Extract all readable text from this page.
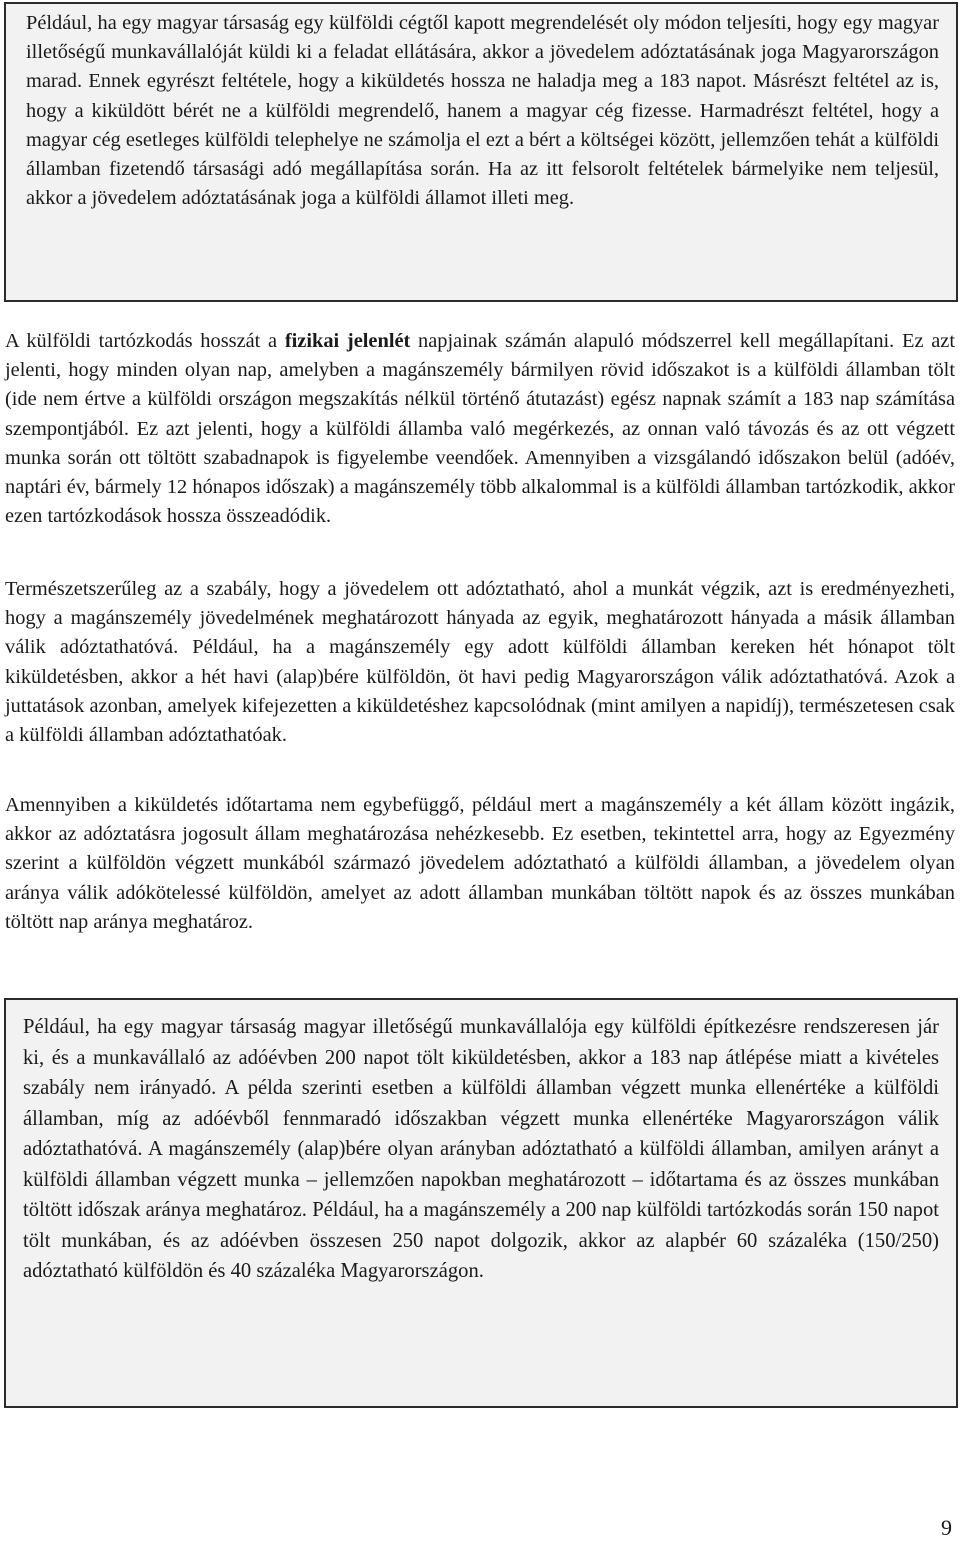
Például, ha egy magyar társaság egy külföldi cégtől kapott megrendelését oly módon teljesíti, hogy egy magyar illetőségű munkavállalóját küldi ki a feladat ellátására, akkor a jövedelem adóztatásának joga Magyarországon marad. Ennek egyrészt feltétele, hogy a kiküldetés hossza ne haladja meg a 183 napot. Másrészt feltétel az is, hogy a kiküldött bérét ne a külföldi megrendelő, hanem a magyar cég fizesse. Harmadrészt feltétel, hogy a magyar cég esetleges külföldi telephelye ne számolja el ezt a bért a költségei között, jellemzően tehát a külföldi államban fizetendő társasági adó megállapítása során. Ha az itt felsorolt feltételek bármelyike nem teljesül, akkor a jövedelem adóztatásának joga a külföldi államot illeti meg.

A külföldi tartózkodás hosszát a fizikai jelenlét napjainak számán alapuló módszerrel kell megállapítani. Ez azt jelenti, hogy minden olyan nap, amelyben a magánszemély bármilyen rövid időszakot is a külföldi államban tölt (ide nem értve a külföldi országon megszakítás nélkül történő átutazást) egész napnak számít a 183 nap számítása szempontjából. Ez azt jelenti, hogy a külföldi államba való megérkezés, az onnan való távozás és az ott végzett munka során ott töltött szabadnapok is figyelembe veendőek. Amennyiben a vizsgálandó időszakon belül (adóév, naptári év, bármely 12 hónapos időszak) a magánszemély több alkalommal is a külföldi államban tartózkodik, akkor ezen tartózkodások hossza összeadódik.

Természetszerűleg az a szabály, hogy a jövedelem ott adóztatható, ahol a munkát végzik, azt is eredményezheti, hogy a magánszemély jövedelmének meghatározott hányada az egyik, meghatározott hányada a másik államban válik adóztathatóvá. Például, ha a magánszemély egy adott külföldi államban kereken hét hónapot tölt kiküldetésben, akkor a hét havi (alap)bére külföldön, öt havi pedig Magyarországon válik adóztathatóvá. Azok a juttatások azonban, amelyek kifejezetten a kiküldetéshez kapcsolódnak (mint amilyen a napidíj), természetesen csak a külföldi államban adóztathatóak.

Amennyiben a kiküldetés időtartama nem egybefüggő, például mert a magánszemély a két állam között ingázik, akkor az adóztatásra jogosult állam meghatározása nehézkesebb. Ez esetben, tekintettel arra, hogy az Egyezmény szerint a külföldön végzett munkából származó jövedelem adóztatható a külföldi államban, a jövedelem olyan aránya válik adókötelessé külföldön, amelyet az adott államban munkában töltött napok és az összes munkában töltött nap aránya meghatároz.

Például, ha egy magyar társaság magyar illetőségű munkavállalója egy külföldi építkezésre rendszeresen jár ki, és a munkavállaló az adóévben 200 napot tölt kiküldetésben, akkor a 183 nap átlépése miatt a kivételes szabály nem irányadó. A példa szerinti esetben a külföldi államban végzett munka ellenértéke a külföldi államban, míg az adóévből fennmaradó időszakban végzett munka ellenértéke Magyarországon válik adóztathatóvá. A magánszemély (alap)bére olyan arányban adóztatható a külföldi államban, amilyen arányt a külföldi államban végzett munka – jellemzően napokban meghatározott – időtartama és az összes munkában töltött időszak aránya meghatároz. Például, ha a magánszemély a 200 nap külföldi tartózkodás során 150 napot tölt munkában, és az adóévben összesen 250 napot dolgozik, akkor az alapbér 60 százaléka (150/250) adóztatható külföldön és 40 százaléka Magyarországon.

9
